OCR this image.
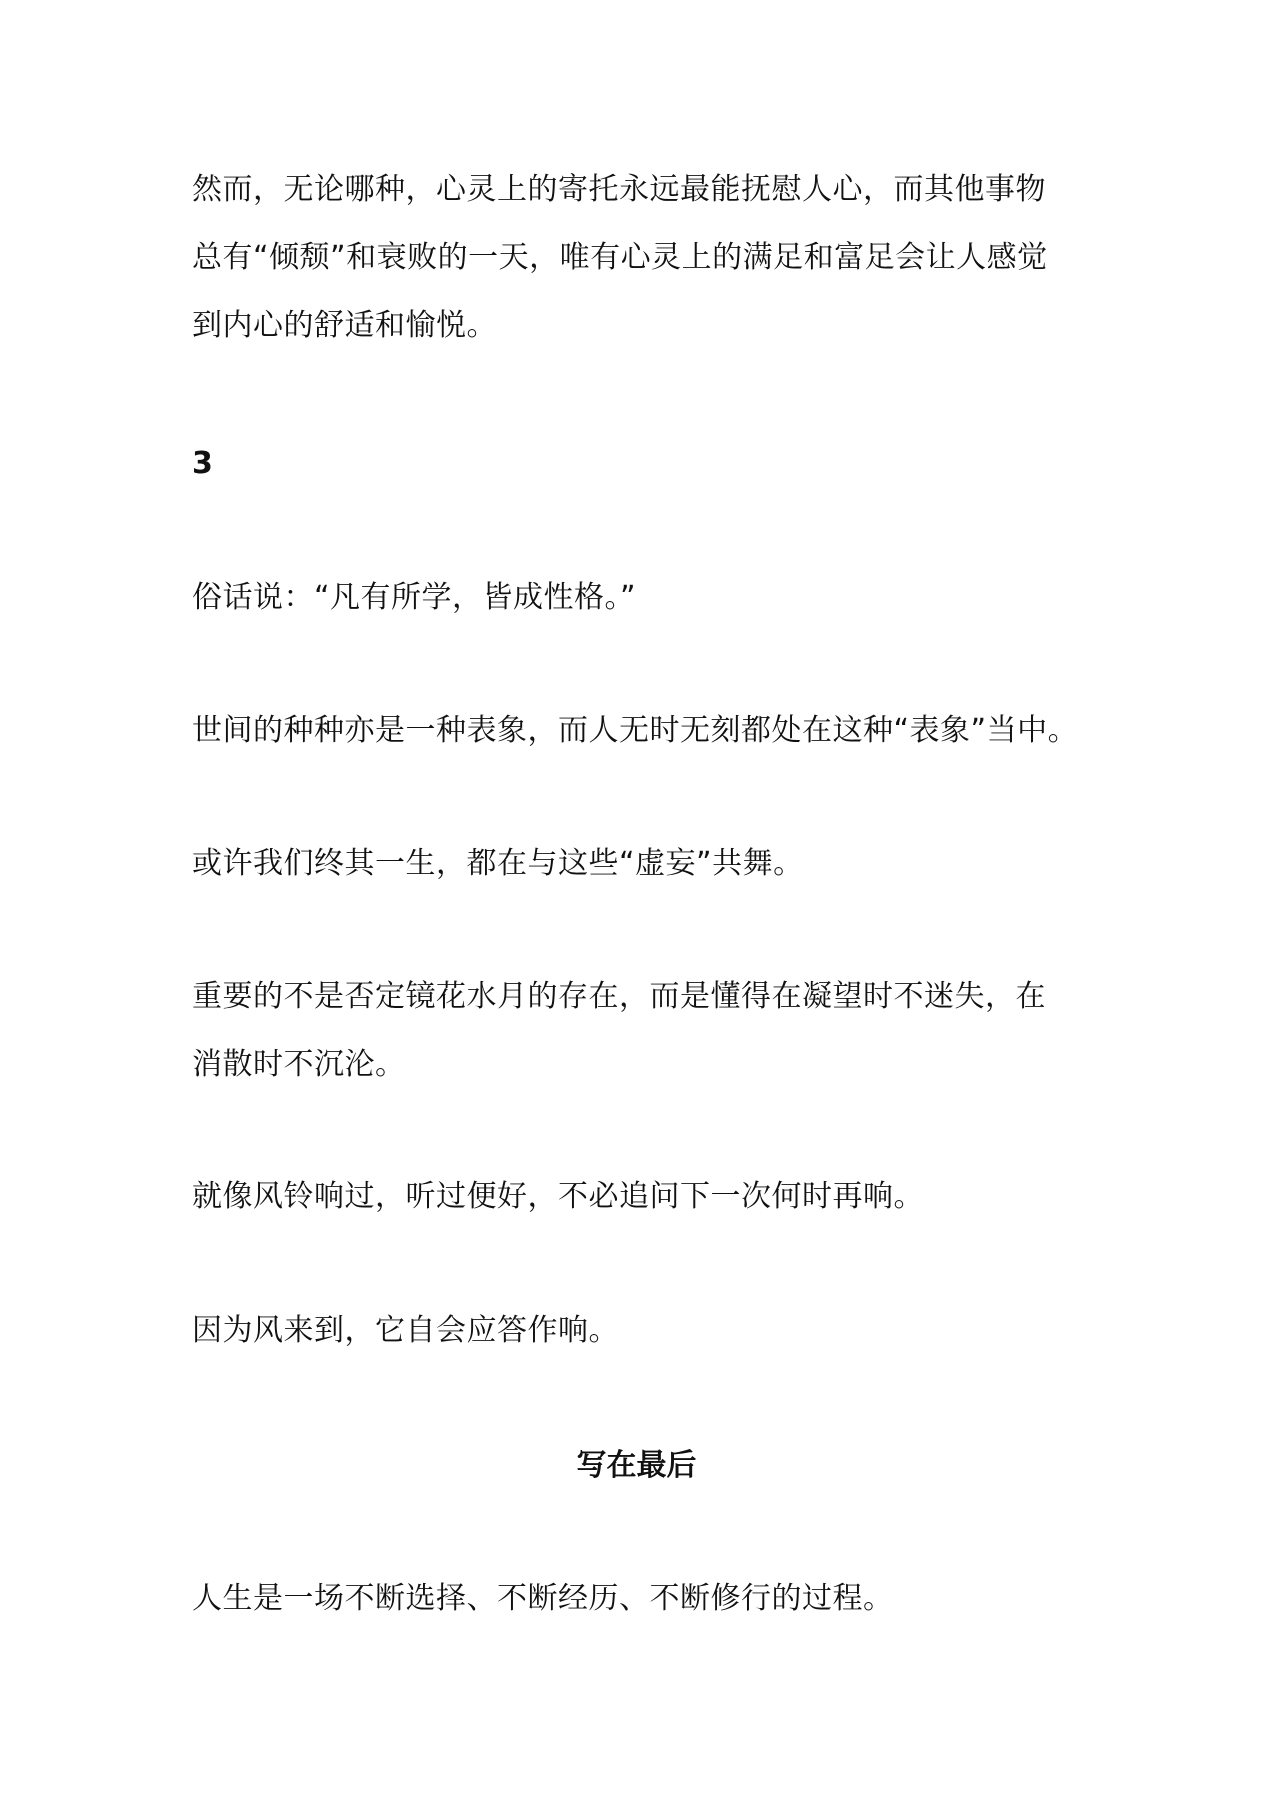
然而，无论哪种，心灵上的寄托永远最能抚慰人心，而其他事物
总有“倾颓”和衰败的一天，唯有心灵上的满足和富足会让人感觉
到内心的舒适和愉悦。

3

俗话说：“凡有所学，皆成性格。”

世间的种种亦是一种表象，而人无时无刻都处在这种“表象”当中。

或许我们终其一生，都在与这些“虚妄”共舞。

重要的不是否定镜花水月的存在，而是懂得在凝望时不迷失，在
消散时不沉沦。

就像风铃响过，听过便好，不必追问下一次何时再响。

因为风来到，它自会应答作响。

写在最后

人生是一场不断选择、不断经历、不断修行的过程。
